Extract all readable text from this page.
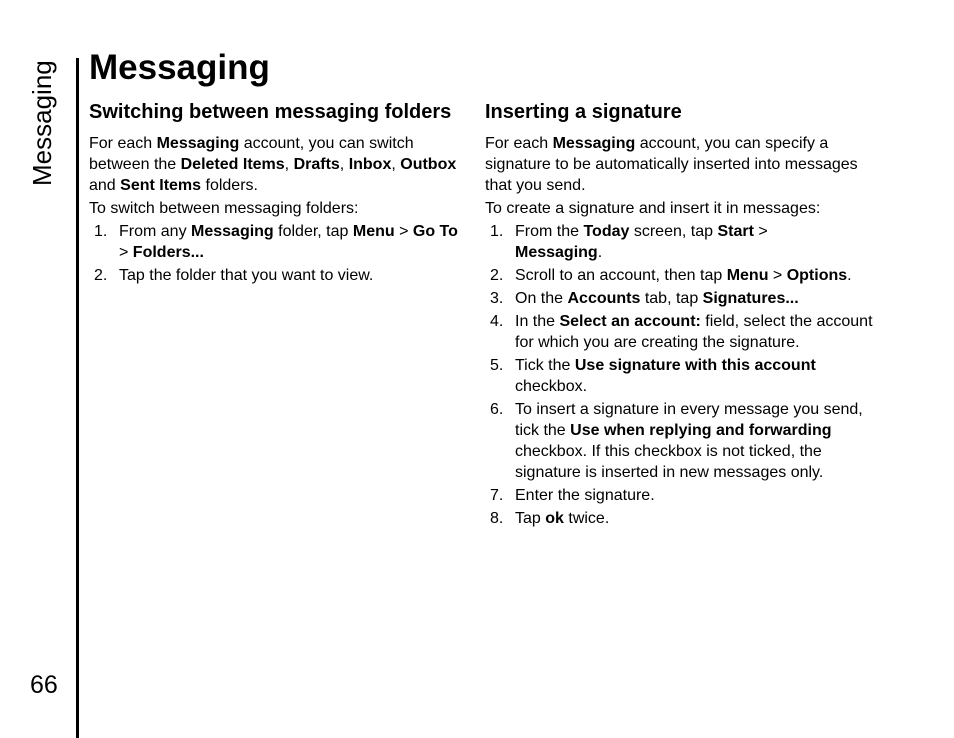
Messaging
66
Messaging
Switching between messaging folders

For each Messaging account, you can switch between the Deleted Items, Drafts, Inbox, Outbox and Sent Items folders.

To switch between messaging folders:

1. From any Messaging folder, tap Menu > Go To
> Folders...
2. Tap the folder that you want to view.
Inserting a signature

For each Messaging account, you can specify a signature to be automatically inserted into messages that you send.

To create a signature and insert it in messages:

1. From the Today screen, tap Start >
Messaging.
2. Scroll to an account, then tap Menu > Options.
3. On the Accounts tab, tap Signatures...
4. In the Select an account: field, select the account for which you are creating the signature.
5. Tick the Use signature with this account checkbox.
6. To insert a signature in every message you send, tick the Use when replying and forwarding checkbox. If this checkbox is not ticked, the signature is inserted in new messages only.
7. Enter the signature.
8. Tap ok twice.
